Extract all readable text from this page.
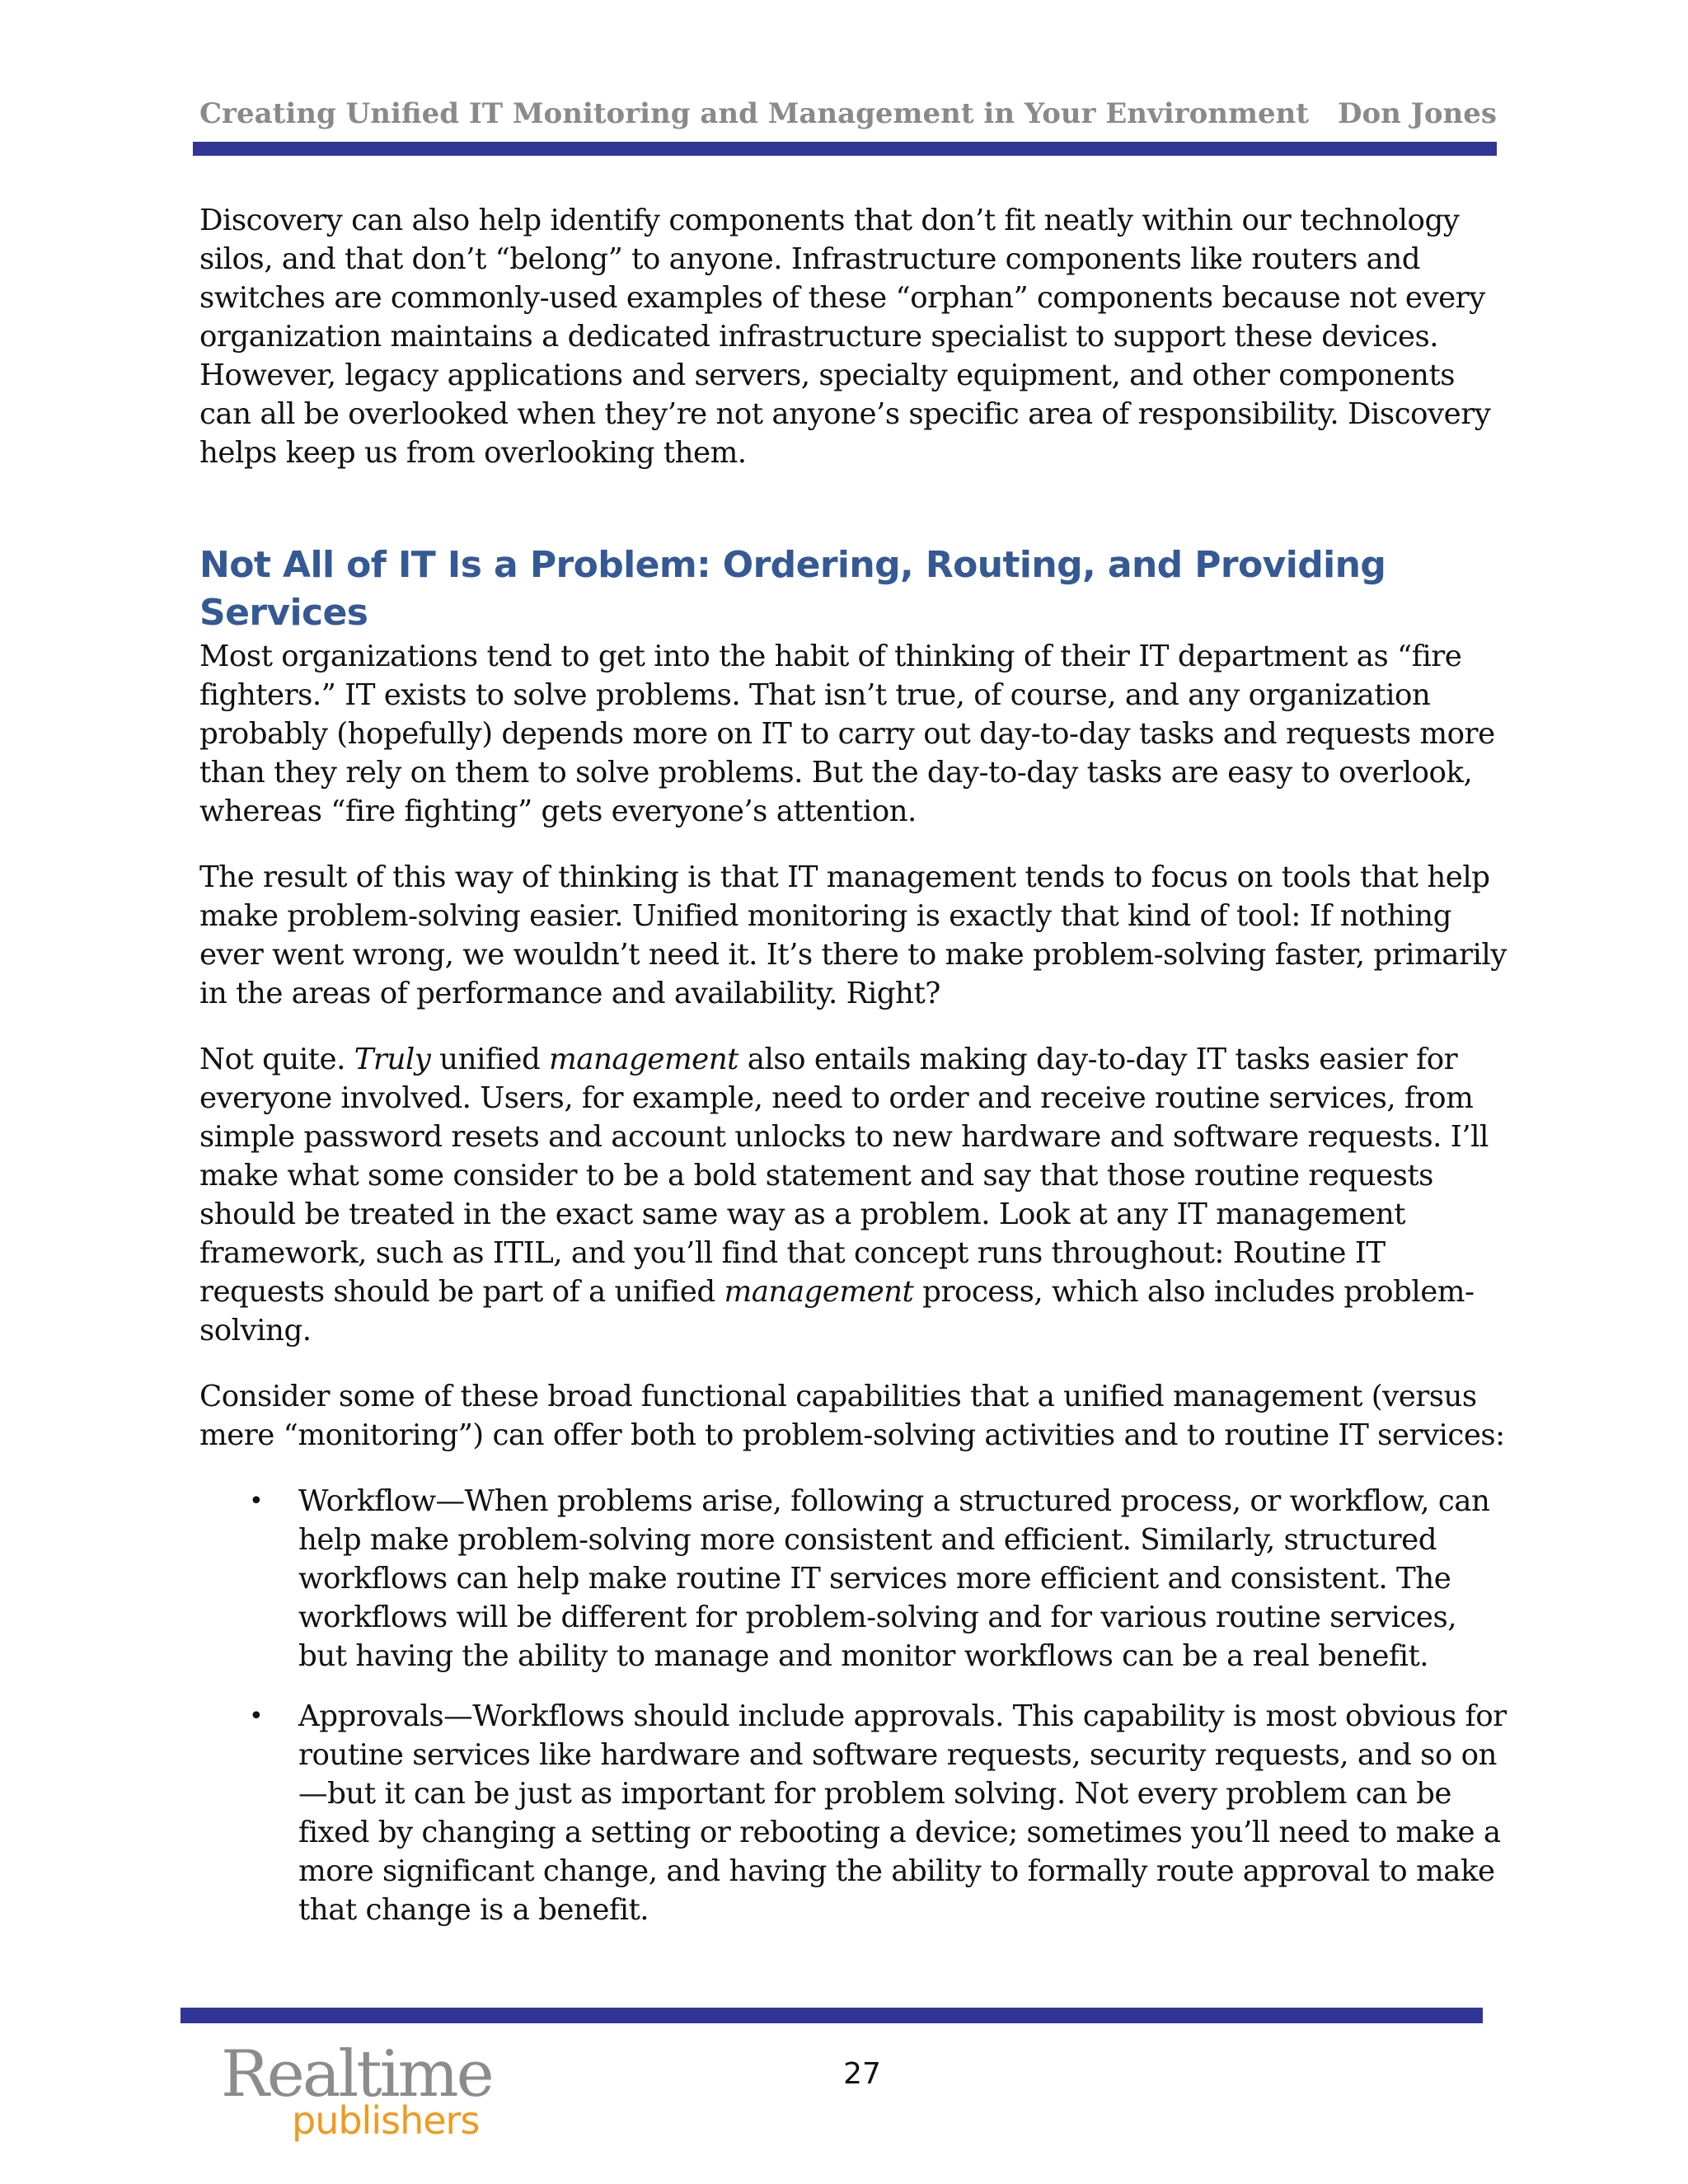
Creating Unified IT Monitoring and Management in Your Environment Don Jones

Discovery can also help identify components that don’t fit neatly within our technology silos, and that don’t “belong” to anyone. Infrastructure components like routers and switches are commonly-used examples of these “orphan” components because not every organization maintains a dedicated infrastructure specialist to support these devices. However, legacy applications and servers, specialty equipment, and other components can all be overlooked when they’re not anyone’s specific area of responsibility. Discovery helps keep us from overlooking them.

Not All of IT Is a Problem: Ordering, Routing, and Providing Services

Most organizations tend to get into the habit of thinking of their IT department as “fire fighters.” IT exists to solve problems. That isn’t true, of course, and any organization probably (hopefully) depends more on IT to carry out day-to-day tasks and requests more than they rely on them to solve problems. But the day-to-day tasks are easy to overlook, whereas “fire fighting” gets everyone’s attention.

The result of this way of thinking is that IT management tends to focus on tools that help make problem-solving easier. Unified monitoring is exactly that kind of tool: If nothing ever went wrong, we wouldn’t need it. It’s there to make problem-solving faster, primarily in the areas of performance and availability. Right?

Not quite. Truly unified management also entails making day-to-day IT tasks easier for everyone involved. Users, for example, need to order and receive routine services, from simple password resets and account unlocks to new hardware and software requests. I’ll make what some consider to be a bold statement and say that those routine requests should be treated in the exact same way as a problem. Look at any IT management framework, such as ITIL, and you’ll find that concept runs throughout: Routine IT requests should be part of a unified management process, which also includes problem-solving.

Consider some of these broad functional capabilities that a unified management (versus mere “monitoring”) can offer both to problem-solving activities and to routine IT services:

• Workflow—When problems arise, following a structured process, or workflow, can help make problem-solving more consistent and efficient. Similarly, structured workflows can help make routine IT services more efficient and consistent. The workflows will be different for problem-solving and for various routine services, but having the ability to manage and monitor workflows can be a real benefit.
• Approvals—Workflows should include approvals. This capability is most obvious for routine services like hardware and software requests, security requests, and so on—but it can be just as important for problem solving. Not every problem can be fixed by changing a setting or rebooting a device; sometimes you’ll need to make a more significant change, and having the ability to formally route approval to make that change is a benefit.
Realtime
publishers
27
